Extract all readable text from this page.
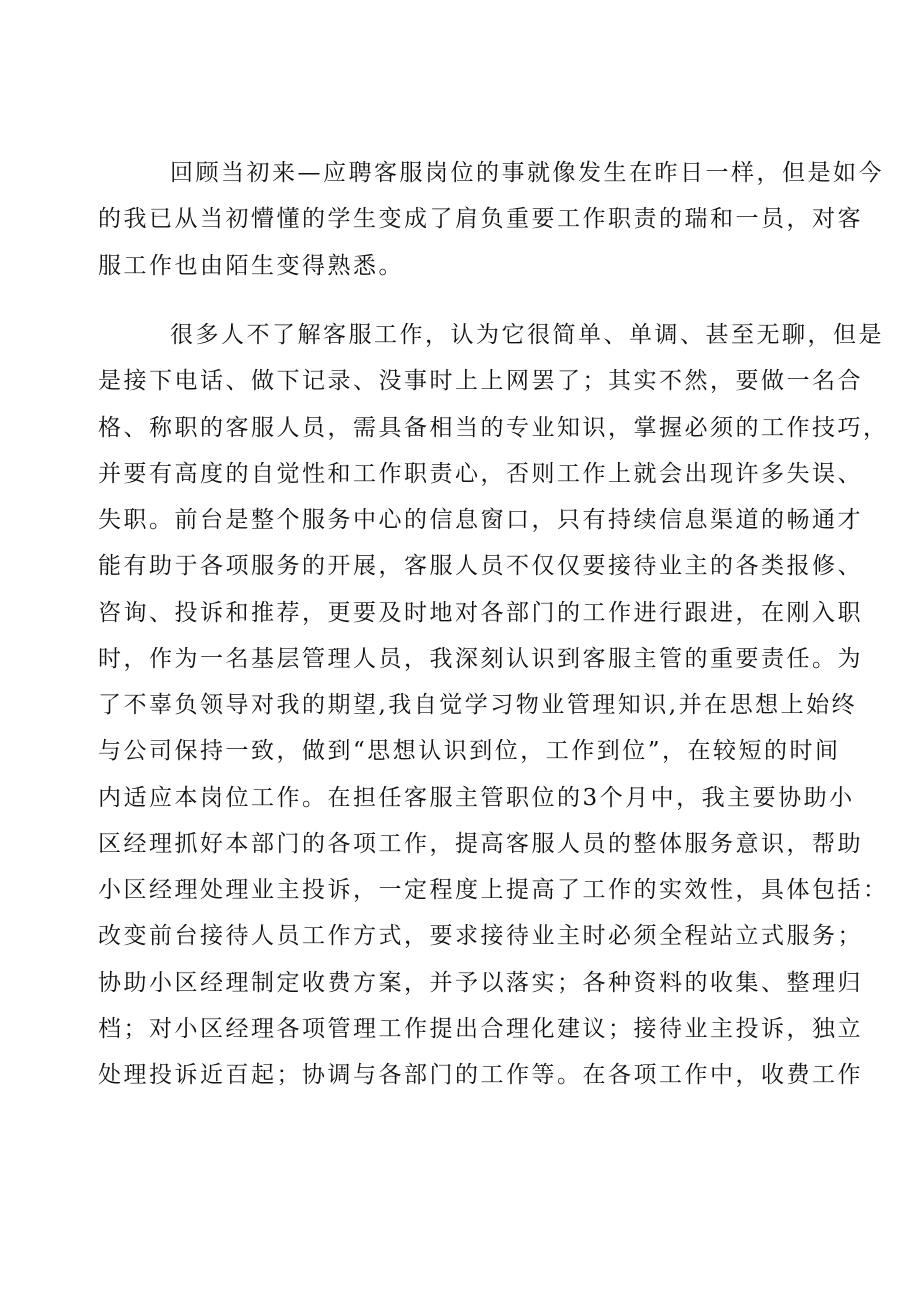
回顾当初来—应聘客服岗位的事就像发生在昨日一样，但是如今
的我已从当初懵懂的学生变成了肩负重要工作职责的瑞和一员，对客
服工作也由陌生变得熟悉。
很多人不了解客服工作，认为它很简单、单调、甚至无聊，但是
是接下电话、做下记录、没事时上上网罢了；其实不然，要做一名合
格、称职的客服人员，需具备相当的专业知识，掌握必须的工作技巧，
并要有高度的自觉性和工作职责心，否则工作上就会出现许多失误、
失职。前台是整个服务中心的信息窗口，只有持续信息渠道的畅通才
能有助于各项服务的开展，客服人员不仅仅要接待业主的各类报修、
咨询、投诉和推荐，更要及时地对各部门的工作进行跟进，在刚入职
时，作为一名基层管理人员，我深刻认识到客服主管的重要责任。为
了不辜负领导对我的期望,我自觉学习物业管理知识,并在思想上始终
与公司保持一致，做到“思想认识到位，工作到位”，在较短的时间
内适应本岗位工作。在担任客服主管职位的3个月中，我主要协助小
区经理抓好本部门的各项工作，提高客服人员的整体服务意识，帮助
小区经理处理业主投诉，一定程度上提高了工作的实效性，具体包括：
改变前台接待人员工作方式，要求接待业主时必须全程站立式服务；
协助小区经理制定收费方案，并予以落实；各种资料的收集、整理归
档；对小区经理各项管理工作提出合理化建议；接待业主投诉，独立
处理投诉近百起；协调与各部门的工作等。在各项工作中，收费工作
